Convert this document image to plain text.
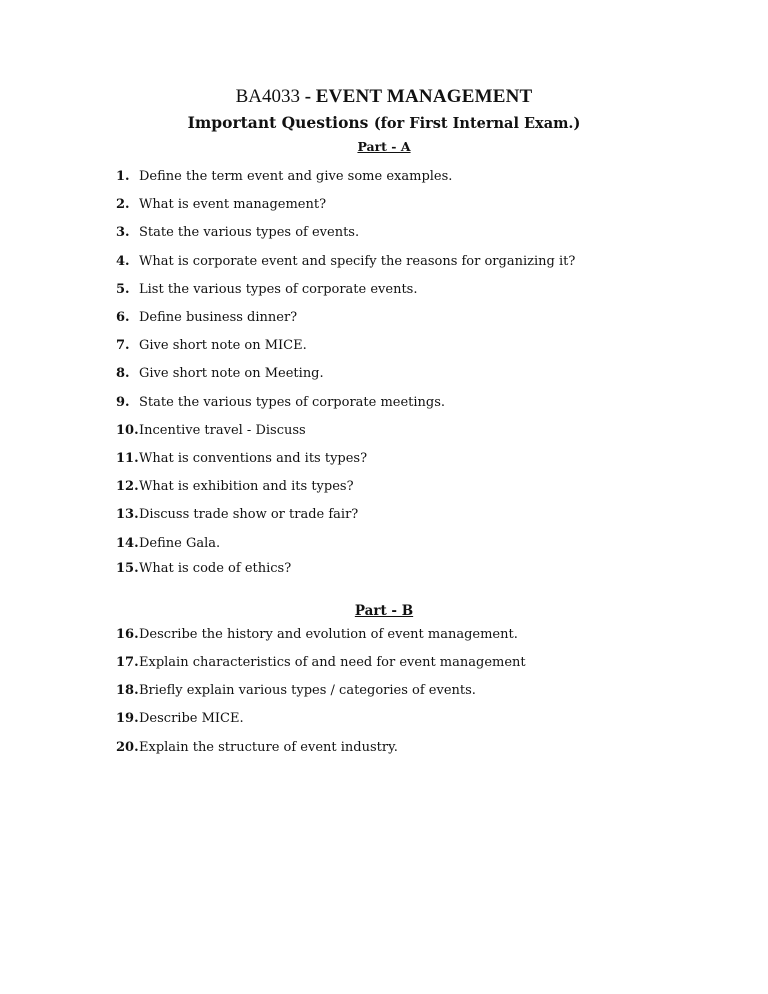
BA4033 - EVENT MANAGEMENT
Important Questions (for First Internal Exam.)
Part - A
1. Define the term event and give some examples.
2. What is event management?
3. State the various types of events.
4. What is corporate event and specify the reasons for organizing it?
5. List the various types of corporate events.
6. Define business dinner?
7. Give short note on MICE.
8. Give short note on Meeting.
9. State the various types of corporate meetings.
10.Incentive travel - Discuss
11.What is conventions and its types?
12.What is exhibition and its types?
13.Discuss trade show or trade fair?
14.Define Gala.
15.What is code of ethics?
Part - B
16.Describe the history and evolution of event management.
17.Explain characteristics of and need for event management
18.Briefly explain various types / categories of events.
19.Describe MICE.
20.Explain the structure of event industry.
